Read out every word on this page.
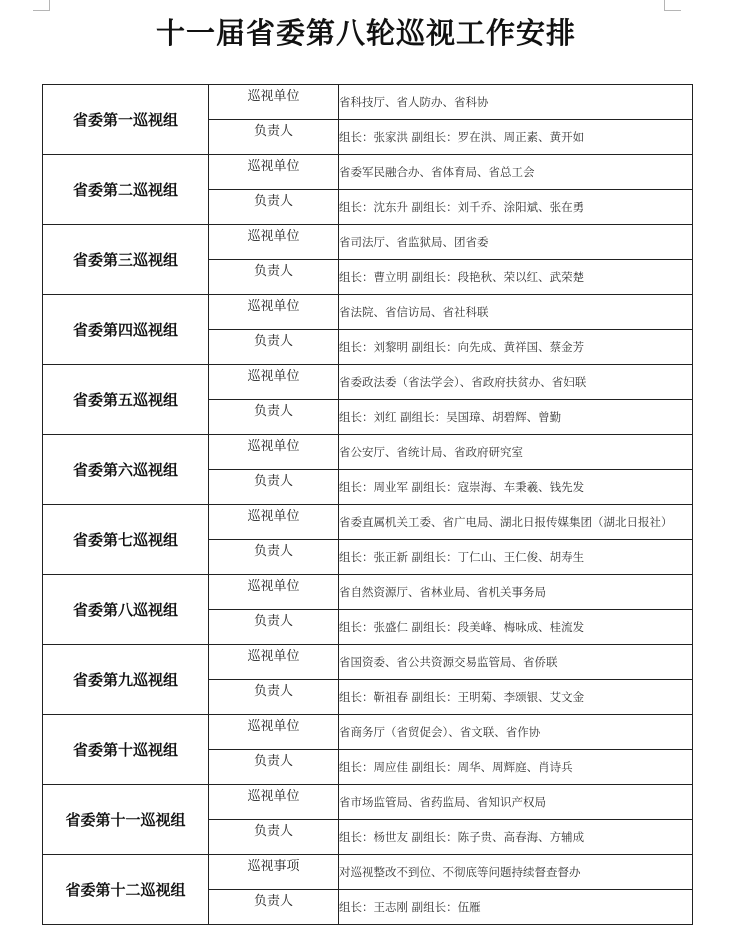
十一届省委第八轮巡视工作安排
省委第一巡视组	巡视单位	省科技厅、省人防办、省科协
	负责人	组长：张家洪 副组长：罗在洪、周正素、黄开如
省委第二巡视组	巡视单位	省委军民融合办、省体育局、省总工会
	负责人	组长：沈东升 副组长：刘千乔、涂阳斌、张在勇
省委第三巡视组	巡视单位	省司法厅、省监狱局、团省委
	负责人	组长：曹立明 副组长：段艳秋、荣以红、武荣楚
省委第四巡视组	巡视单位	省法院、省信访局、省社科联
	负责人	组长：刘黎明 副组长：向先成、黄祥国、蔡金芳
省委第五巡视组	巡视单位	省委政法委（省法学会）、省政府扶贫办、省妇联
	负责人	组长：刘红 副组长：吴国璋、胡碧辉、曾勤
省委第六巡视组	巡视单位	省公安厅、省统计局、省政府研究室
	负责人	组长：周业军 副组长：寇崇海、车秉羲、钱先发
省委第七巡视组	巡视单位	省委直属机关工委、省广电局、湖北日报传媒集团（湖北日报社）
	负责人	组长：张正新 副组长：丁仁山、王仁俊、胡寿生
省委第八巡视组	巡视单位	省自然资源厅、省林业局、省机关事务局
	负责人	组长：张盛仁 副组长：段美峰、梅咏成、桂流发
省委第九巡视组	巡视单位	省国资委、省公共资源交易监管局、省侨联
	负责人	组长：靳祖春 副组长：王明菊、李颂银、艾文金
省委第十巡视组	巡视单位	省商务厅（省贸促会）、省文联、省作协
	负责人	组长：周应佳 副组长：周华、周辉庭、肖诗兵
省委第十一巡视组	巡视单位	省市场监管局、省药监局、省知识产权局
	负责人	组长：杨世友 副组长：陈子贵、高春海、方辅成
省委第十二巡视组	巡视事项	对巡视整改不到位、不彻底等问题持续督查督办
	负责人	组长：王志刚 副组长：伍雁
